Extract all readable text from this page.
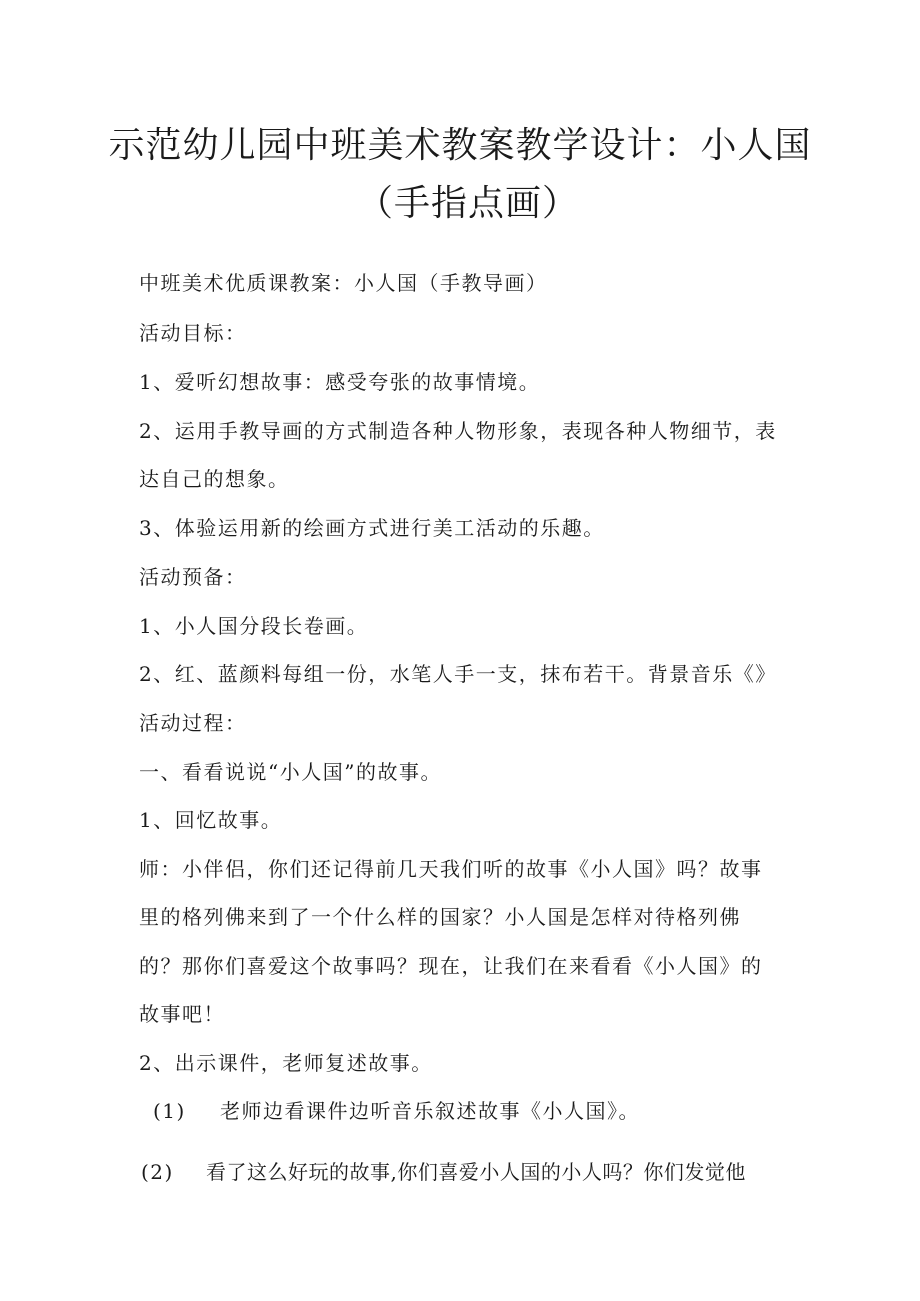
示范幼儿园中班美术教案教学设计：小人国
（手指点画）
中班美术优质课教案：小人国（手教导画）
活动目标：
1、爱听幻想故事：感受夸张的故事情境。
2、运用手教导画的方式制造各种人物形象，表现各种人物细节，表
达自己的想象。
3、体验运用新的绘画方式进行美工活动的乐趣。
活动预备：
1、小人国分段长卷画。
2、红、蓝颜料每组一份，水笔人手一支，抹布若干。背景音乐《》
活动过程：
一、看看说说“小人国”的故事。
1、回忆故事。
师：小伴侣，你们还记得前几天我们听的故事《小人国》吗？故事
里的格列佛来到了一个什么样的国家？小人国是怎样对待格列佛
的？那你们喜爱这个故事吗？现在，让我们在来看看《小人国》的
故事吧！
2、出示课件，老师复述故事。
(1) 老师边看课件边听音乐叙述故事《小人国》。
(2) 看了这么好玩的故事,你们喜爱小人国的小人吗？你们发觉他
